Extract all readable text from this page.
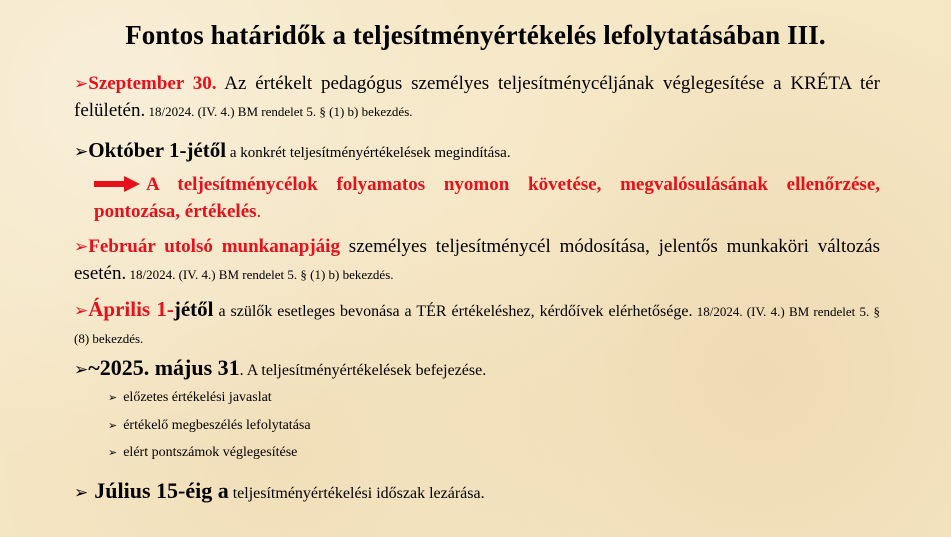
Fontos határidők a teljesítményértékelés lefolytatásában III.
➢Szeptember 30. Az értékelt pedagógus személyes teljesítménycéljának véglegesítése a KRÉTA tér felületén. 18/2024. (IV. 4.) BM rendelet 5. § (1) b) bekezdés.
➢Október 1-jétől a konkrét teljesítményértékelések megindítása.
A teljesítménycélok folyamatos nyomon követése, megvalósulásának ellenőrzése, pontozása, értékelés.
➢Február utolsó munkanapjáig személyes teljesítménycél módosítása, jelentős munkaköri változás esetén. 18/2024. (IV. 4.) BM rendelet 5. § (1) b) bekezdés.
➢Április 1-jétől a szülők esetleges bevonása a TÉR értékeléshez, kérdőívek elérhetősége. 18/2024. (IV. 4.) BM rendelet 5. § (8) bekezdés.
➢~2025. május 31. A teljesítményértékelések befejezése.
➢ előzetes értékelési javaslat
➢ értékelő megbeszélés lefolytatása
➢ elért pontszámok véglegesítése
➢ Július 15-éig a teljesítményértékelési időszak lezárása.
